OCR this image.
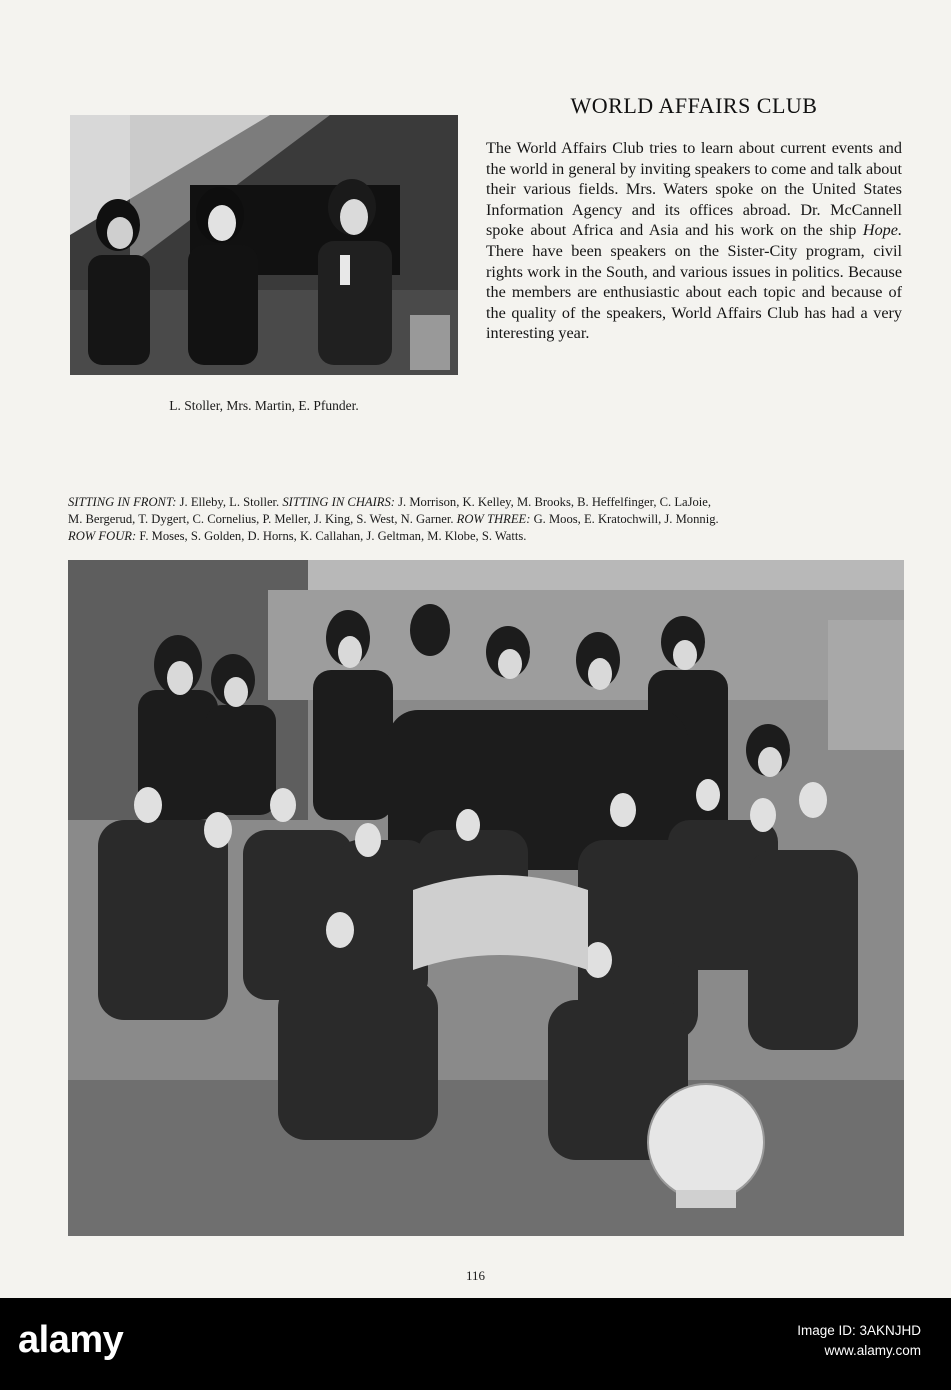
L. Stoller, Mrs. Martin, E. Pfunder.
WORLD AFFAIRS CLUB
The World Affairs Club tries to learn about current events and the world in general by inviting speakers to come and talk about their various fields. Mrs. Waters spoke on the United States Information Agency and its offices abroad. Dr. McCannell spoke about Africa and Asia and his work on the ship Hope. There have been speakers on the Sister-City program, civil rights work in the South, and various issues in politics. Because the members are enthusiastic about each topic and because of the quality of the speakers, World Affairs Club has had a very interesting year.

SITTING IN FRONT: J. Elleby, L. Stoller. SITTING IN CHAIRS: J. Morrison, K. Kelley, M. Brooks, B. Heffelfinger, C. LaJoie,

M. Bergerud, T. Dygert, C. Cornelius, P. Meller, J. King, S. West, N. Garner. ROW THREE: G. Moos, E. Kratochwill, J. Monnig.

ROW FOUR: F. Moses, S. Golden, D. Horns, K. Callahan, J. Geltman, M. Klobe, S. Watts.

116
alamy	Image ID: 3AKNJHD
www.alamy.com
